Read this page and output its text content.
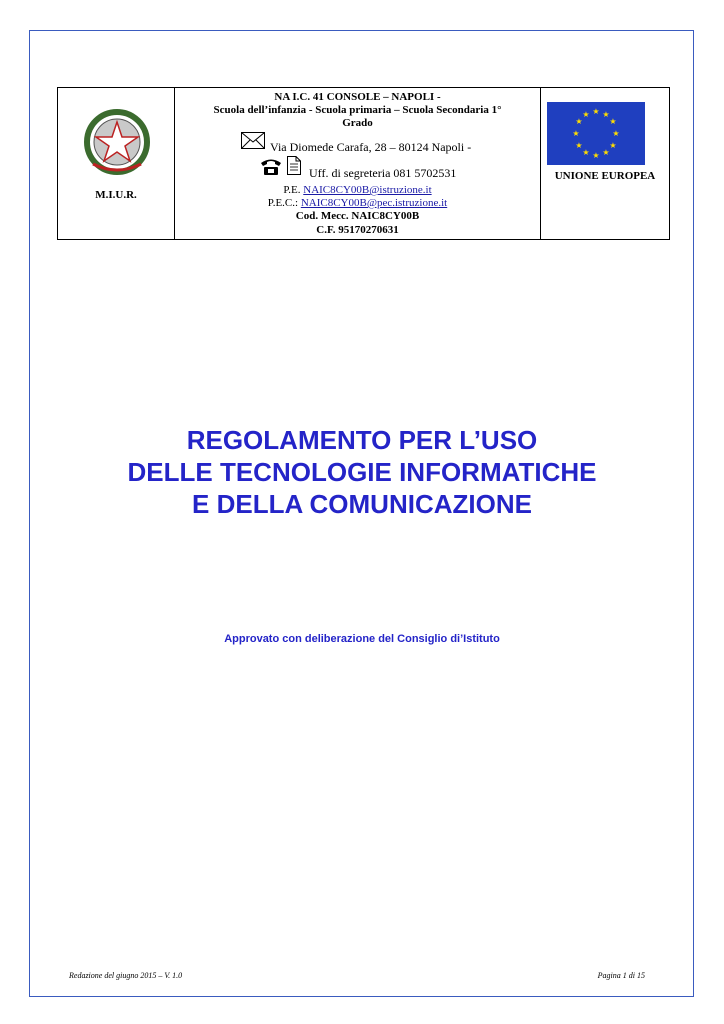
M.I.U.R.
NA I.C. 41 CONSOLE – NAPOLI -
Scuola dell’infanzia - Scuola primaria – Scuola Secondaria 1°
Grado
Via Diomede Carafa, 28 – 80124 Napoli -
Uff. di segreteria 081 5702531
P.E. NAIC8CY00B@istruzione.it
P.E.C.: NAIC8CY00B@pec.istruzione.it
Cod. Mecc. NAIC8CY00B
C.F. 95170270631
★ ★
★
★
★
★
★
★
★
★
★
★
UNIONE EUROPEA
REGOLAMENTO PER L’USO
DELLE TECNOLOGIE INFORMATICHE
E DELLA COMUNICAZIONE
Approvato con deliberazione del Consiglio di’Istituto
Redazione del giugno 2015 – V. 1.0	Pagina 1 di 15
